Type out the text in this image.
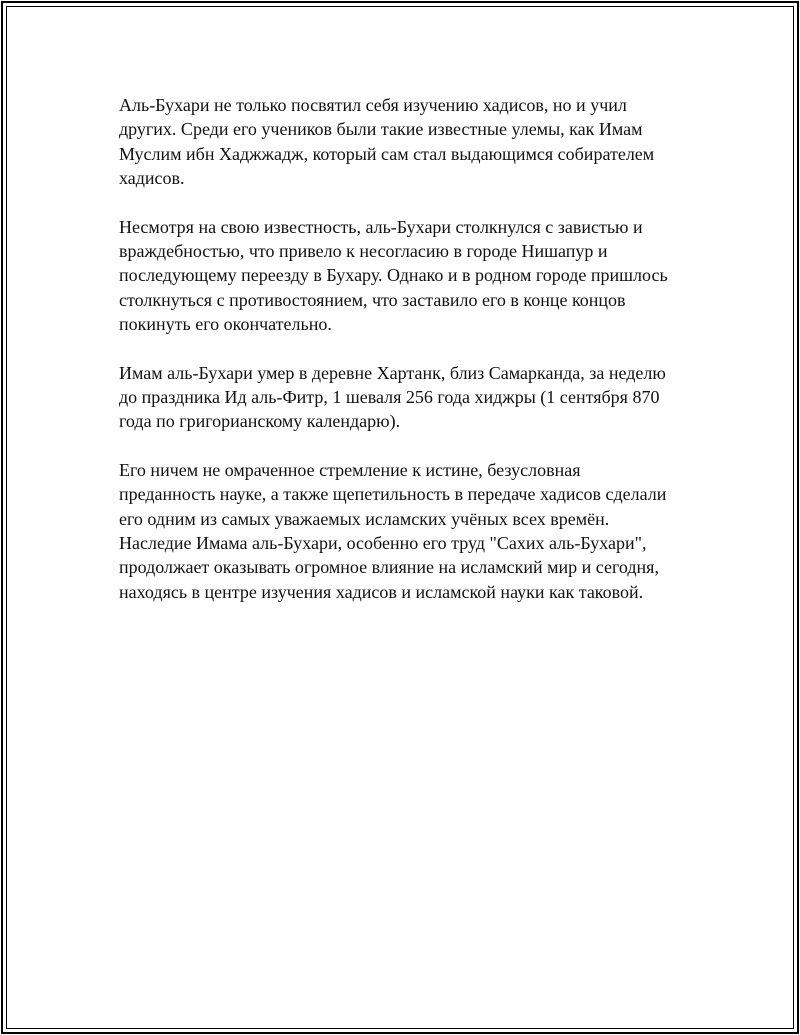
Аль-Бухари не только посвятил себя изучению хадисов, но и учил
других. Среди его учеников были такие известные улемы, как Имам
Муслим ибн Хаджжадж, который сам стал выдающимся собирателем
хадисов.

Несмотря на свою известность, аль-Бухари столкнулся с завистью и
враждебностью, что привело к несогласию в городе Нишапур и
последующему переезду в Бухару. Однако и в родном городе пришлось
столкнуться с противостоянием, что заставило его в конце концов
покинуть его окончательно.

Имам аль-Бухари умер в деревне Хартанк, близ Самарканда, за неделю
до праздника Ид аль-Фитр, 1 шеваля 256 года хиджры (1 сентября 870
года по григорианскому календарю).

Его ничем не омраченное стремление к истине, безусловная
преданность науке, а также щепетильность в передаче хадисов сделали
его одним из самых уважаемых исламских учёных всех времён.
Наследие Имама аль-Бухари, особенно его труд "Сахих аль-Бухари",
продолжает оказывать огромное влияние на исламский мир и сегодня,
находясь в центре изучения хадисов и исламской науки как таковой.
